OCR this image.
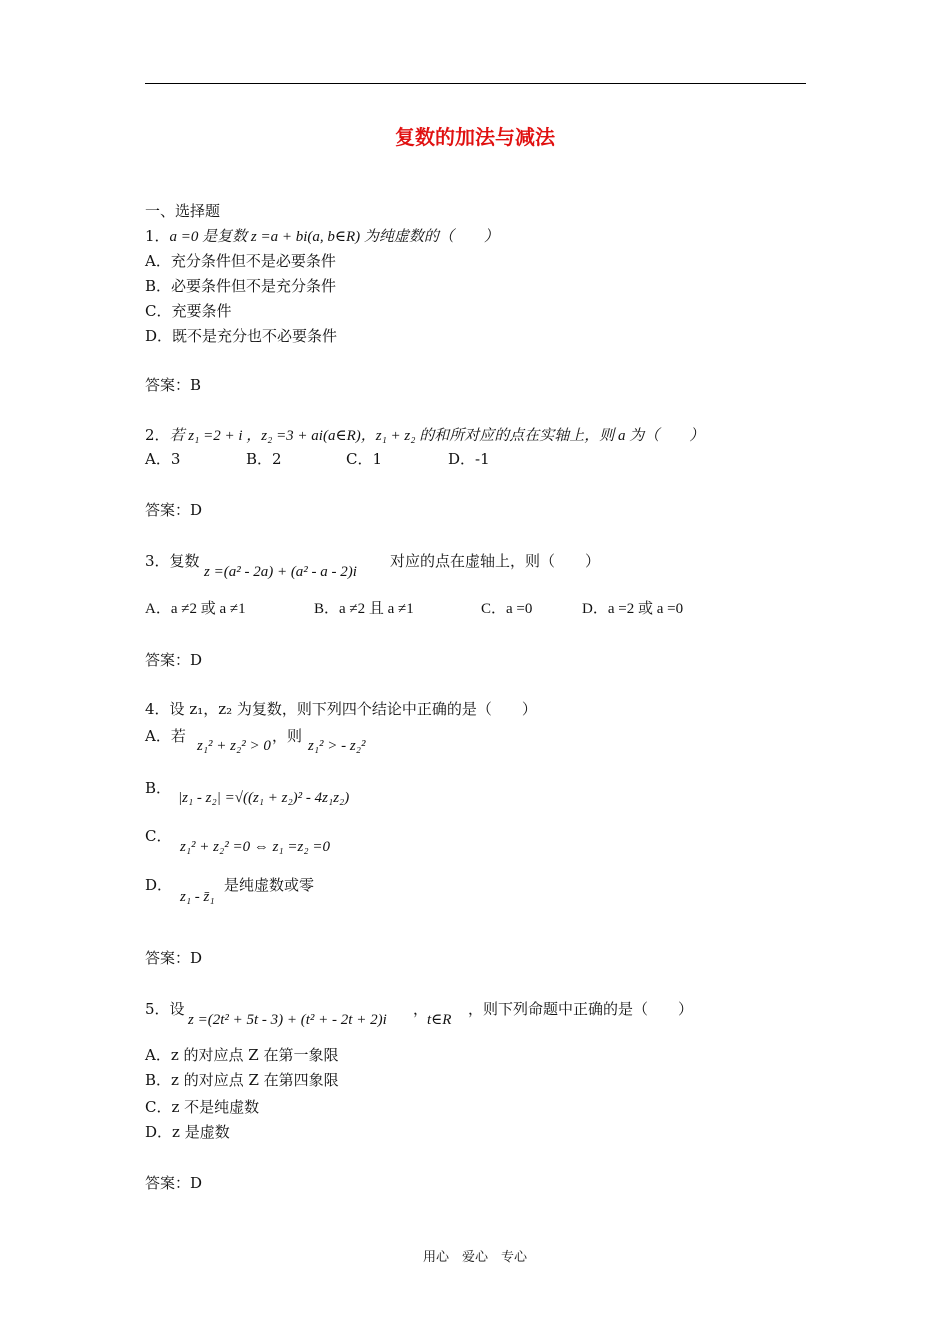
复数的加法与减法
一、选择题
1．a =0 是复数 z =a + bi(a, b∈R) 为纯虚数的（　　）
A．充分条件但不是必要条件
B．必要条件但不是充分条件
C．充要条件
D．既不是充分也不必要条件
答案：B
2．若 z₁ =2 + i ，z₂ =3 + ai(a∈R)，z₁ + z₂ 的和所对应的点在实轴上，则 a 为（　　）
A．3	B．2	C．1	D．-1
答案：D
3．复数
z =(a² - 2a) + (a² - a - 2)i
对应的点在虚轴上，则（　　）
A．a ≠2 或 a ≠1	B．a ≠2 且 a ≠1	C．a =0	D．a =2 或 a =0
答案：D
4．设 z₁，z₂ 为复数，则下列四个结论中正确的是（　　）
A．若
z₁² + z₂² > 0
，则
z₁² > - z₂²
B．
|z₁ - z₂| =√((z₁ + z₂)² - 4z₁z₂)
C．
z₁² + z₂² =0 ⇔ z₁ =z₂ =0
D．
z₁ - z̄₁
是纯虚数或零
答案：D
5．设
z =(2t² + 5t - 3) + (t² + - 2t + 2)i
，
t∈R
，则下列命题中正确的是（　　）
A．z 的对应点 Z 在第一象限
B．z 的对应点 Z 在第四象限
C．z 不是纯虚数
D．z 是虚数
答案：D
用心　爱心　专心
